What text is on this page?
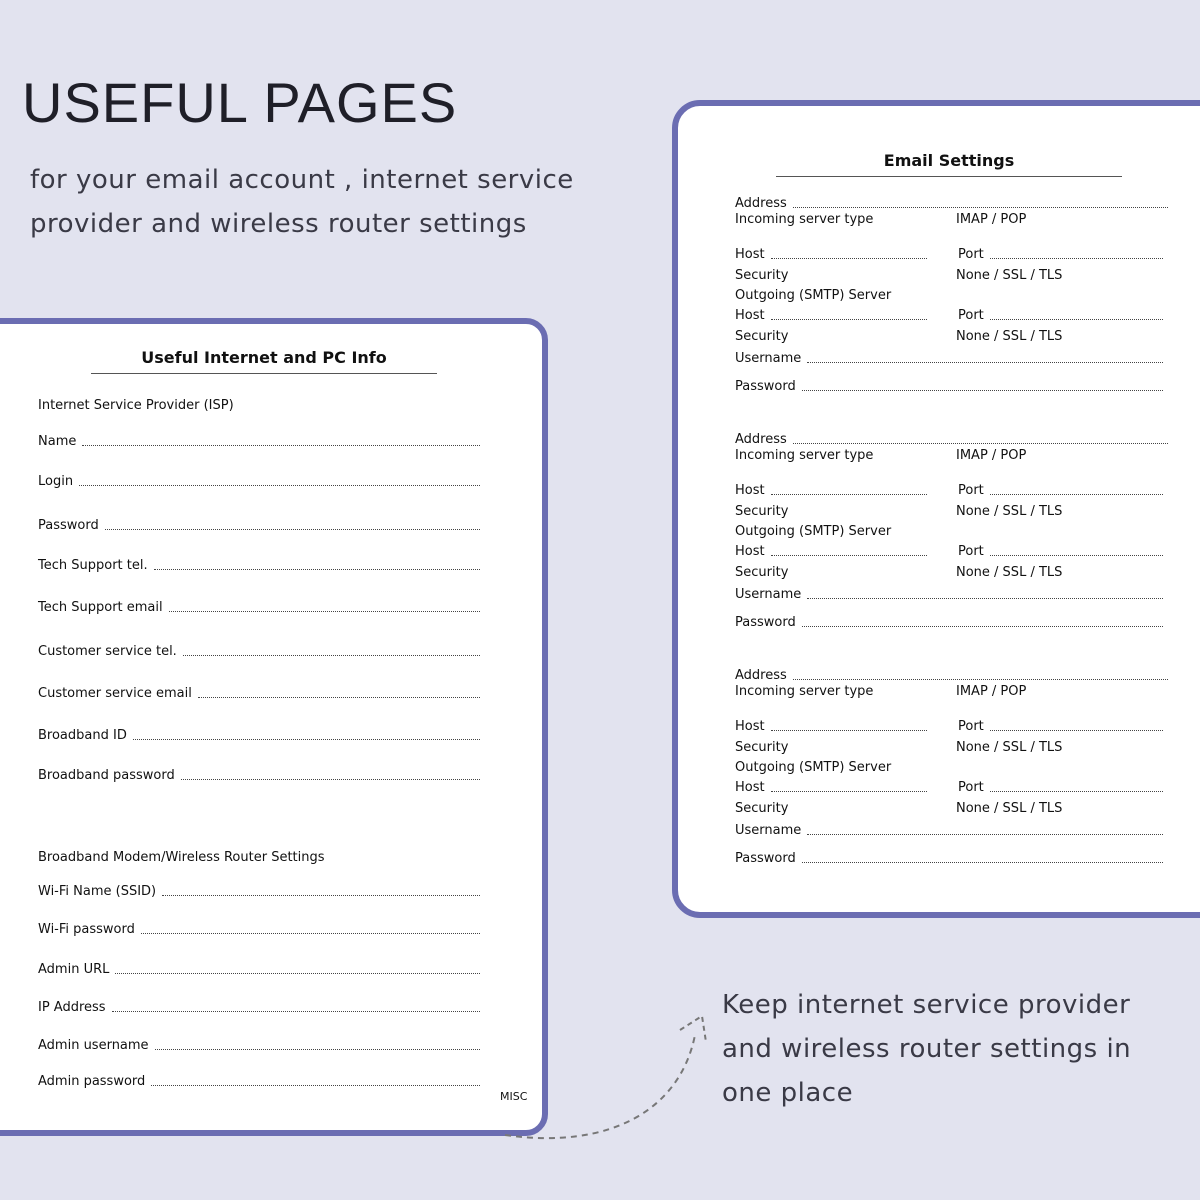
USEFUL PAGES
for your email account , internet service provider and wireless router settings
Useful Internet and PC Info
Internet Service Provider (ISP)
Name
Login
Password
Tech Support tel.
Tech Support email
Customer service tel.
Customer service email
Broadband ID
Broadband password
Broadband Modem/Wireless Router Settings
Wi-Fi Name (SSID)
Wi-Fi password
Admin URL
IP Address
Admin username
Admin password
MISC
Email Settings
Address
Incoming server type	IMAP / POP
Host	Port
Security	None / SSL / TLS
Outgoing (SMTP) Server
Host	Port
Security	None / SSL / TLS
Username
Password
Address
Incoming server type	IMAP / POP
Host	Port
Security	None / SSL / TLS
Outgoing (SMTP) Server
Host	Port
Security	None / SSL / TLS
Username
Password
Address
Incoming server type	IMAP / POP
Host	Port
Security	None / SSL / TLS
Outgoing (SMTP) Server
Host	Port
Security	None / SSL / TLS
Username
Password
Keep internet service provider and wireless router settings in one place
